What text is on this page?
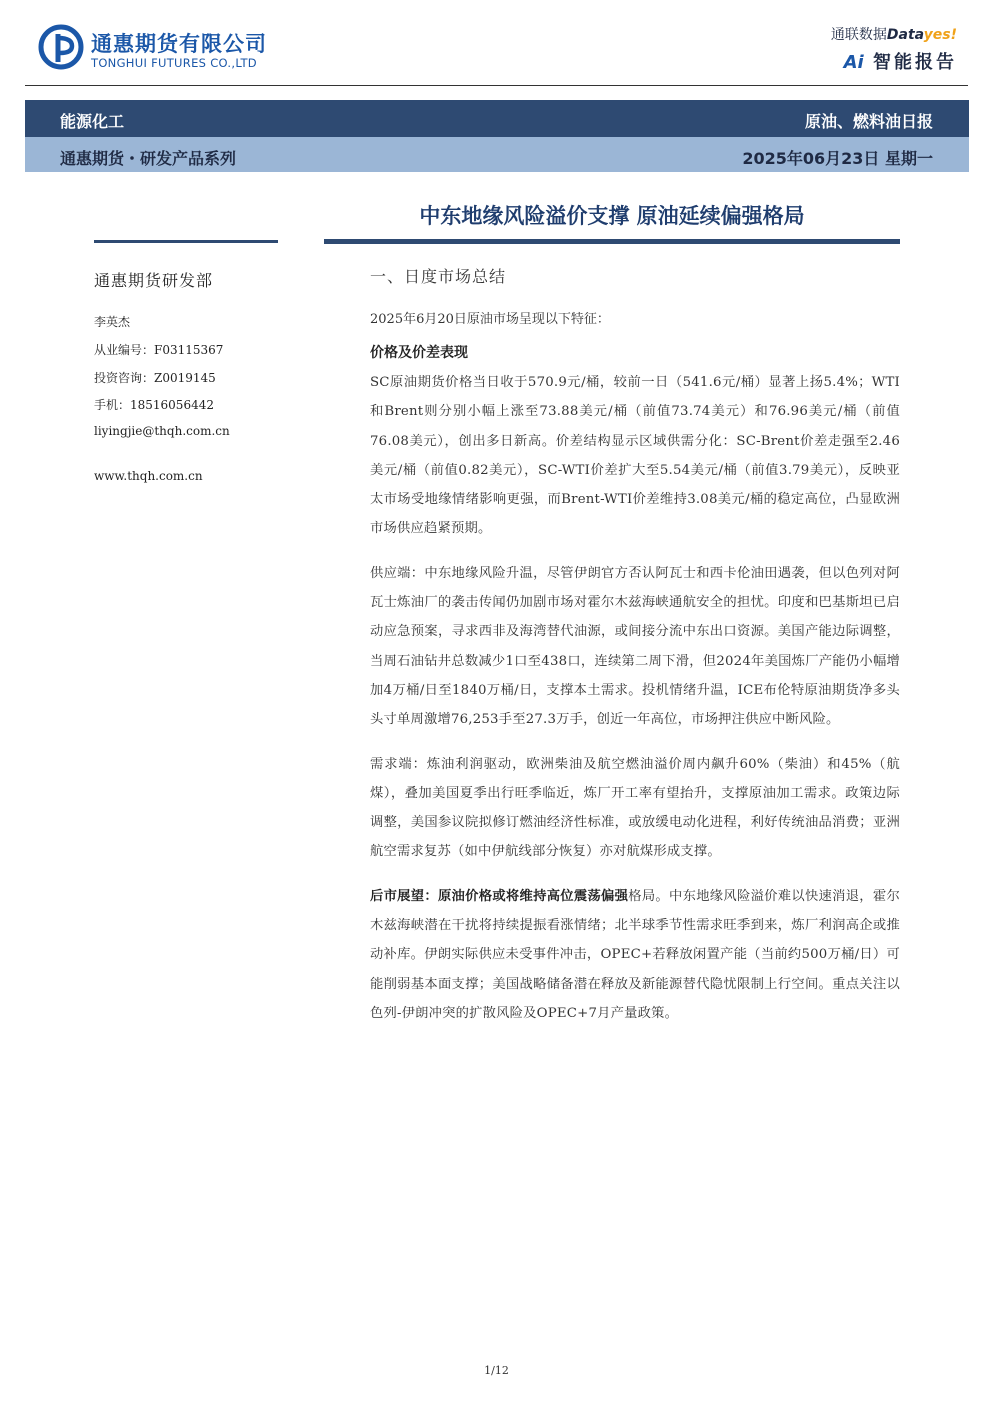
通惠期货有限公司
TONGHUI FUTURES CO.,LTD
通联数据Datayes!
Ai 智能报告
能源化工	原油、燃料油日报
通惠期货・研发产品系列	2025年06月23日 星期一
中东地缘风险溢价支撑 原油延续偏强格局
通惠期货研发部
李英杰
从业编号：F03115367
投资咨询：Z0019145
手机：18516056442
liyingjie@thqh.com.cn
www.thqh.com.cn
一、日度市场总结

2025年6月20日原油市场呈现以下特征：

价格及价差表现

SC原油期货价格当日收于570.9元/桶，较前一日（541.6元/桶）显著上扬5.4%；WTI和Brent则分别小幅上涨至73.88美元/桶（前值73.74美元）和76.96美元/桶（前值76.08美元），创出多日新高。价差结构显示区域供需分化：SC-Brent价差走强至2.46美元/桶（前值0.82美元），SC-WTI价差扩大至5.54美元/桶（前值3.79美元），反映亚太市场受地缘情绪影响更强，而Brent-WTI价差维持3.08美元/桶的稳定高位，凸显欧洲市场供应趋紧预期。

供应端：中东地缘风险升温，尽管伊朗官方否认阿瓦士和西卡伦油田遇袭，但以色列对阿瓦士炼油厂的袭击传闻仍加剧市场对霍尔木兹海峡通航安全的担忧。印度和巴基斯坦已启动应急预案，寻求西非及海湾替代油源，或间接分流中东出口资源。美国产能边际调整，当周石油钻井总数减少1口至438口，连续第二周下滑，但2024年美国炼厂产能仍小幅增加4万桶/日至1840万桶/日，支撑本土需求。投机情绪升温，ICE布伦特原油期货净多头头寸单周激增76,253手至27.3万手，创近一年高位，市场押注供应中断风险。

需求端：炼油利润驱动，欧洲柴油及航空燃油溢价周内飙升60%（柴油）和45%（航煤），叠加美国夏季出行旺季临近，炼厂开工率有望抬升，支撑原油加工需求。政策边际调整，美国参议院拟修订燃油经济性标准，或放缓电动化进程，利好传统油品消费；亚洲航空需求复苏（如中伊航线部分恢复）亦对航煤形成支撑。

后市展望：原油价格或将维持高位震荡偏强格局。中东地缘风险溢价难以快速消退，霍尔木兹海峡潜在干扰将持续提振看涨情绪；北半球季节性需求旺季到来，炼厂利润高企或推动补库。伊朗实际供应未受事件冲击，OPEC+若释放闲置产能（当前约500万桶/日）可能削弱基本面支撑；美国战略储备潜在释放及新能源替代隐忧限制上行空间。重点关注以色列-伊朗冲突的扩散风险及OPEC+7月产量政策。

1/12
